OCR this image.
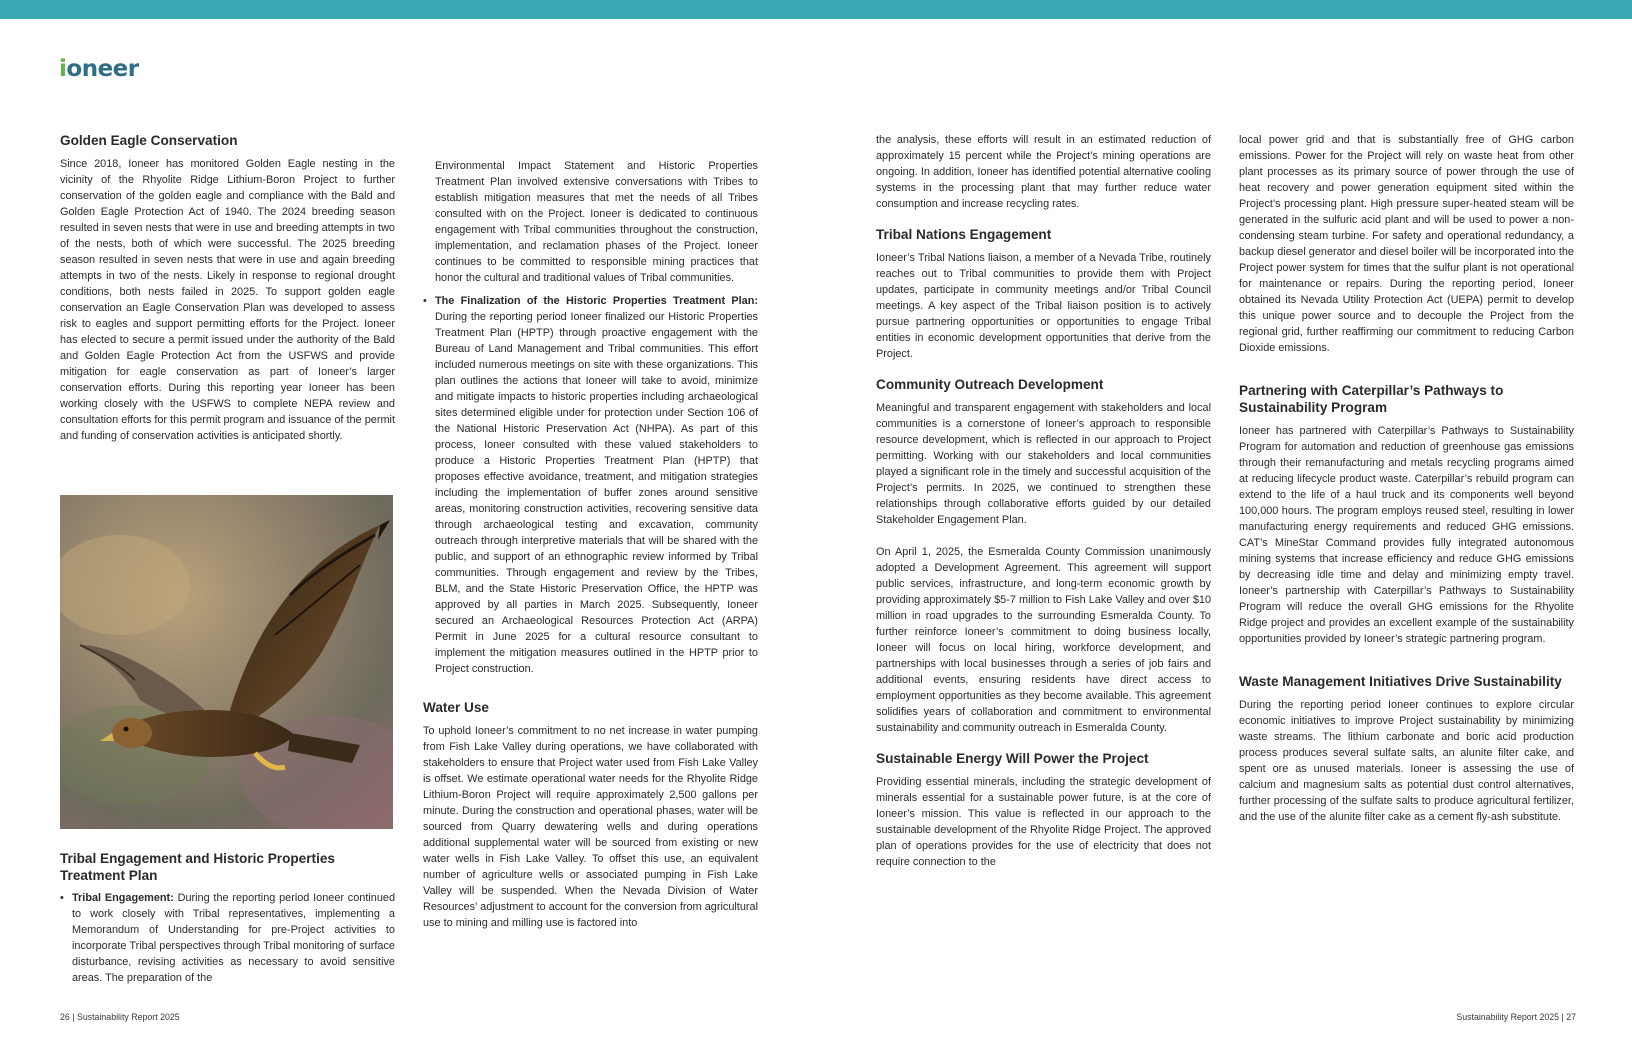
ioneer
Golden Eagle Conservation

Since 2018, Ioneer has monitored Golden Eagle nesting in the vicinity of the Rhyolite Ridge Lithium-Boron Project to further conservation of the golden eagle and compliance with the Bald and Golden Eagle Protection Act of 1940. The 2024 breeding season resulted in seven nests that were in use and breeding attempts in two of the nests, both of which were successful. The 2025 breeding season resulted in seven nests that were in use and again breeding attempts in two of the nests. Likely in response to regional drought conditions, both nests failed in 2025. To support golden eagle conservation an Eagle Conservation Plan was developed to assess risk to eagles and support permitting efforts for the Project. Ioneer has elected to secure a permit issued under the authority of the Bald and Golden Eagle Protection Act from the USFWS and provide mitigation for eagle conservation as part of Ioneer’s larger conservation efforts. During this reporting year Ioneer has been working closely with the USFWS to complete NEPA review and consultation efforts for this permit program and issuance of the permit and funding of conservation activities is anticipated shortly.

Tribal Engagement and Historic Properties Treatment Plan
• Tribal Engagement: During the reporting period Ioneer continued to work closely with Tribal representatives, implementing a Memorandum of Understanding for pre-Project activities to incorporate Tribal perspectives through Tribal monitoring of surface disturbance, revising activities as necessary to avoid sensitive areas. The preparation of the

Environmental Impact Statement and Historic Properties Treatment Plan involved extensive conversations with Tribes to establish mitigation measures that met the needs of all Tribes consulted with on the Project. Ioneer is dedicated to continuous engagement with Tribal communities throughout the construction, implementation, and reclamation phases of the Project. Ioneer continues to be committed to responsible mining practices that honor the cultural and traditional values of Tribal communities.

• The Finalization of the Historic Properties Treatment Plan: During the reporting period Ioneer finalized our Historic Properties Treatment Plan (HPTP) through proactive engagement with the Bureau of Land Management and Tribal communities. This effort included numerous meetings on site with these organizations. This plan outlines the actions that Ioneer will take to avoid, minimize and mitigate impacts to historic properties including archaeological sites determined eligible under for protection under Section 106 of the National Historic Preservation Act (NHPA). As part of this process, Ioneer consulted with these valued stakeholders to produce a Historic Properties Treatment Plan (HPTP) that proposes effective avoidance, treatment, and mitigation strategies including the implementation of buffer zones around sensitive areas, monitoring construction activities, recovering sensitive data through archaeological testing and excavation, community outreach through interpretive materials that will be shared with the public, and support of an ethnographic review informed by Tribal communities. Through engagement and review by the Tribes, BLM, and the State Historic Preservation Office, the HPTP was approved by all parties in March 2025. Subsequently, Ioneer secured an Archaeological Resources Protection Act (ARPA) Permit in June 2025 for a cultural resource consultant to implement the mitigation measures outlined in the HPTP prior to Project construction.

Water Use

To uphold Ioneer’s commitment to no net increase in water pumping from Fish Lake Valley during operations, we have collaborated with stakeholders to ensure that Project water used from Fish Lake Valley is offset. We estimate operational water needs for the Rhyolite Ridge Lithium-Boron Project will require approximately 2,500 gallons per minute. During the construction and operational phases, water will be sourced from Quarry dewatering wells and during operations additional supplemental water will be sourced from existing or new water wells in Fish Lake Valley. To offset this use, an equivalent number of agriculture wells or associated pumping in Fish Lake Valley will be suspended. When the Nevada Division of Water Resources’ adjustment to account for the conversion from agricultural use to mining and milling use is factored into

the analysis, these efforts will result in an estimated reduction of approximately 15 percent while the Project’s mining operations are ongoing. In addition, Ioneer has identified potential alternative cooling systems in the processing plant that may further reduce water consumption and increase recycling rates.

Tribal Nations Engagement

Ioneer’s Tribal Nations liaison, a member of a Nevada Tribe, routinely reaches out to Tribal communities to provide them with Project updates, participate in community meetings and/or Tribal Council meetings. A key aspect of the Tribal liaison position is to actively pursue partnering opportunities or opportunities to engage Tribal entities in economic development opportunities that derive from the Project.

Community Outreach Development

Meaningful and transparent engagement with stakeholders and local communities is a cornerstone of Ioneer’s approach to responsible resource development, which is reflected in our approach to Project permitting. Working with our stakeholders and local communities played a significant role in the timely and successful acquisition of the Project’s permits. In 2025, we continued to strengthen these relationships through collaborative efforts guided by our detailed Stakeholder Engagement Plan.

On April 1, 2025, the Esmeralda County Commission unanimously adopted a Development Agreement. This agreement will support public services, infrastructure, and long-term economic growth by providing approximately $5-7 million to Fish Lake Valley and over $10 million in road upgrades to the surrounding Esmeralda County. To further reinforce Ioneer’s commitment to doing business locally, Ioneer will focus on local hiring, workforce development, and partnerships with local businesses through a series of job fairs and additional events, ensuring residents have direct access to employment opportunities as they become available. This agreement solidifies years of collaboration and commitment to environmental sustainability and community outreach in Esmeralda County.

Sustainable Energy Will Power the Project

Providing essential minerals, including the strategic development of minerals essential for a sustainable power future, is at the core of Ioneer’s mission. This value is reflected in our approach to the sustainable development of the Rhyolite Ridge Project. The approved plan of operations provides for the use of electricity that does not require connection to the

local power grid and that is substantially free of GHG carbon emissions. Power for the Project will rely on waste heat from other plant processes as its primary source of power through the use of heat recovery and power generation equipment sited within the Project’s processing plant. High pressure super-heated steam will be generated in the sulfuric acid plant and will be used to power a non-condensing steam turbine. For safety and operational redundancy, a backup diesel generator and diesel boiler will be incorporated into the Project power system for times that the sulfur plant is not operational for maintenance or repairs. During the reporting period, Ioneer obtained its Nevada Utility Protection Act (UEPA) permit to develop this unique power source and to decouple the Project from the regional grid, further reaffirming our commitment to reducing Carbon Dioxide emissions.

Partnering with Caterpillar’s Pathways to Sustainability Program

Ioneer has partnered with Caterpillar’s Pathways to Sustainability Program for automation and reduction of greenhouse gas emissions through their remanufacturing and metals recycling programs aimed at reducing lifecycle product waste. Caterpillar’s rebuild program can extend to the life of a haul truck and its components well beyond 100,000 hours. The program employs reused steel, resulting in lower manufacturing energy requirements and reduced GHG emissions. CAT’s MineStar Command provides fully integrated autonomous mining systems that increase efficiency and reduce GHG emissions by decreasing idle time and delay and minimizing empty travel. Ioneer’s partnership with Caterpillar’s Pathways to Sustainability Program will reduce the overall GHG emissions for the Rhyolite Ridge project and provides an excellent example of the sustainability opportunities provided by Ioneer’s strategic partnering program.

Waste Management Initiatives Drive Sustainability

During the reporting period Ioneer continues to explore circular economic initiatives to improve Project sustainability by minimizing waste streams. The lithium carbonate and boric acid production process produces several sulfate salts, an alunite filter cake, and spent ore as unused materials. Ioneer is assessing the use of calcium and magnesium salts as potential dust control alternatives, further processing of the sulfate salts to produce agricultural fertilizer, and the use of the alunite filter cake as a cement fly-ash substitute.

26 | Sustainability Report 2025	Sustainability Report 2025 | 27
